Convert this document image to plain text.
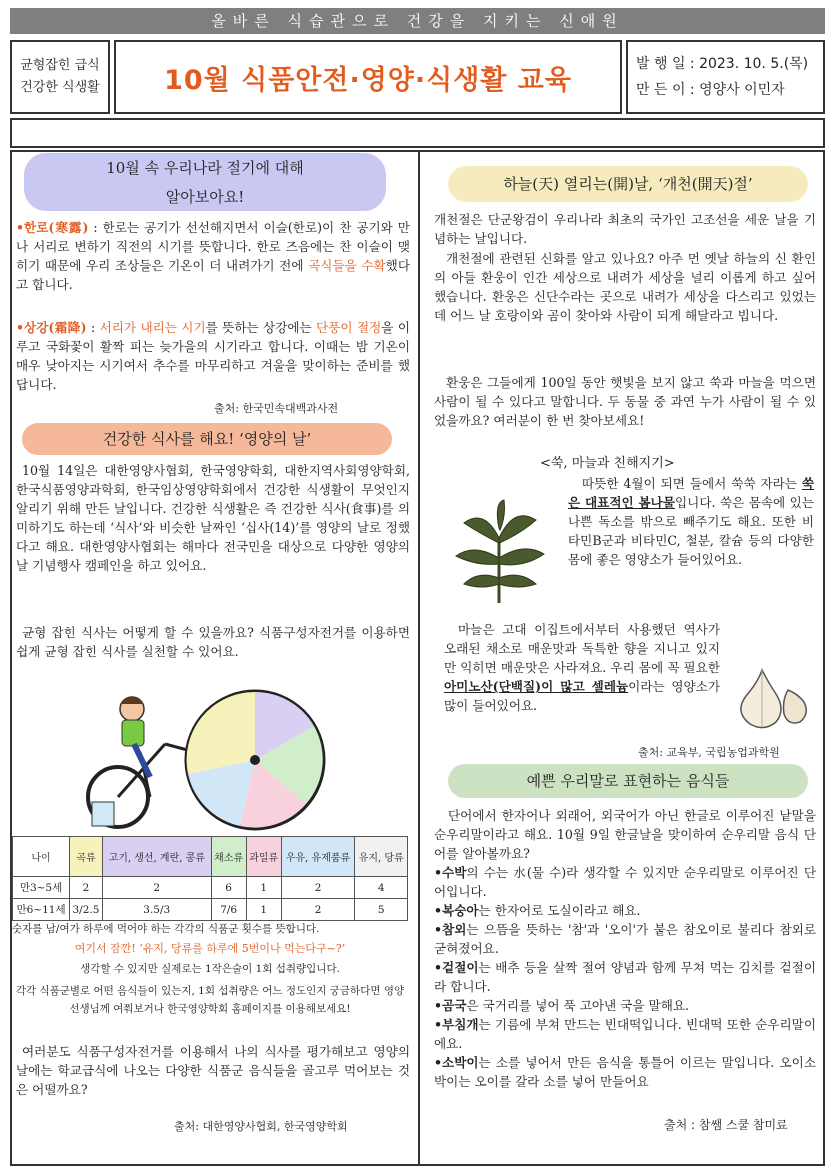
올바른 식습관으로 건강을 지키는 신애원
균형잡힌 급식
건강한 식생활	10월 식품안전·영양·식생활 교육
발 행 일 : 2023. 10. 5.(목)
만 든 이 : 영양사 이민자
10월 속 우리나라 절기에 대해
알아보아요!

•한로(寒露) : 한로는 공기가 선선해지면서 이슬(한로)이 찬 공기와 만나 서리로 변하기 직전의 시기를 뜻합니다. 한로 즈음에는 찬 이슬이 맺히기 때문에 우리 조상들은 기온이 더 내려가기 전에 곡식들을 수확했다고 합니다.

•상강(霜降) : 서리가 내리는 시기를 뜻하는 상강에는 단풍이 절정을 이루고 국화꽃이 활짝 피는 늦가을의 시기라고 합니다. 이때는 밤 기온이 매우 낮아지는 시기여서 추수를 마무리하고 겨울을 맞이하는 준비를 했답니다.

출처: 한국민속대백과사전
건강한 식사를 해요! ‘영양의 날’

10월 14일은 대한영양사협회, 한국영양학회, 대한지역사회영양학회, 한국식품영양과학회, 한국임상영양학회에서 건강한 식생활이 무엇인지 알리기 위해 만든 날입니다. 건강한 식생활은 즉 건강한 식사(食事)를 의미하기도 하는데 ‘식사’와 비슷한 날짜인 ‘십사(14)’를 영양의 날로 정했다고 해요. 대한영양사협회는 해마다 전국민을 대상으로 다양한 영양의 날 기념행사 캠페인을 하고 있어요.

균형 잡힌 식사는 어떻게 할 수 있을까요? 식품구성자전거를 이용하면 쉽게 균형 잡힌 식사를 실천할 수 있어요.

나이	곡류	고기, 생선, 계란, 콩류	채소류	과일류	우유, 유제품류	유지, 당류
만3~5세	2	2	6	1	2	4
만6~11세	3/2.5	3.5/3	7/6	1	2	5
숫자를 남/여가 하루에 먹어야 하는 각각의 식품군 횟수를 뜻합니다.
여기서 잠깐! ‘유지, 당류를 하루에 5번이나 먹는다구~?’
생각할 수 있지만 실제로는 1작은술이 1회 섭취량입니다.
각각 식품군별로 어떤 음식들이 있는지, 1회 섭취량은 어느 정도인지 궁금하다면 영양선생님께 여쭤보거나 한국영양학회 홈페이지를 이용해보세요!

여러분도 식품구성자전거를 이용해서 나의 식사를 평가해보고 영양의 날에는 학교급식에 나오는 다양한 식품군 음식들을 골고루 먹어보는 것은 어떨까요?

출처: 대한영양사협회, 한국영양학회
하늘(天) 열리는(開)날, ‘개천(開天)절’

개천절은 단군왕검이 우리나라 최초의 국가인 고조선을 세운 날을 기념하는 날입니다.

개천절에 관련된 신화를 알고 있나요? 아주 먼 옛날 하늘의 신 환인의 아들 환웅이 인간 세상으로 내려가 세상을 널리 이롭게 하고 싶어 했습니다. 환웅은 신단수라는 곳으로 내려가 세상을 다스리고 있었는데 어느 날 호랑이와 곰이 찾아와 사람이 되게 해달라고 빕니다.

환웅은 그들에게 100일 동안 햇빛을 보지 않고 쑥과 마늘을 먹으면 사람이 될 수 있다고 말합니다. 두 동물 중 과연 누가 사람이 될 수 있었을까요? 여러분이 한 번 찾아보세요!

<쑥, 마늘과 친해지기>

따뜻한 4월이 되면 들에서 쑥쑥 자라는 쑥은 대표적인 봄나물입니다. 쑥은 몸속에 있는 나쁜 독소를 밖으로 빼주기도 해요. 또한 비타민B군과 비타민C, 철분, 칼슘 등의 다양한 몸에 좋은 영양소가 들어있어요.

마늘은 고대 이집트에서부터 사용했던 역사가 오래된 채소로 매운맛과 독특한 향을 지니고 있지만 익히면 매운맛은 사라져요. 우리 몸에 꼭 필요한 아미노산(단백질)이 많고 셀레늄이라는 영양소가 많이 들어있어요.

출처: 교육부, 국립농업과학원
예쁜 우리말로 표현하는 음식들

단어에서 한자어나 외래어, 외국어가 아닌 한글로 이루어진 낱말을 순우리말이라고 해요. 10월 9일 한글날을 맞이하여 순우리말 음식 단어를 알아볼까요?

•수박의 수는 水(물 수)라 생각할 수 있지만 순우리말로 이루어진 단어입니다.

•복숭아는 한자어로 도실이라고 해요.

•참외는 으뜸을 뜻하는 '참'과 '오이'가 붙은 참오이로 불리다 참외로 굳혀졌어요.

•겉절이는 배추 등을 살짝 절여 양념과 함께 무쳐 먹는 김치를 겉절이라 합니다.

•곰국은 국거리를 넣어 푹 고아낸 국을 말해요.

•부침개는 기름에 부쳐 만드는 빈대떡입니다. 빈대떡 또한 순우리말이에요.

•소박이는 소를 넣어서 만든 음식을 통틀어 이르는 말입니다. 오이소박이는 오이를 갈라 소를 넣어 만들어요

출처 : 참쌤 스쿨 참미료
